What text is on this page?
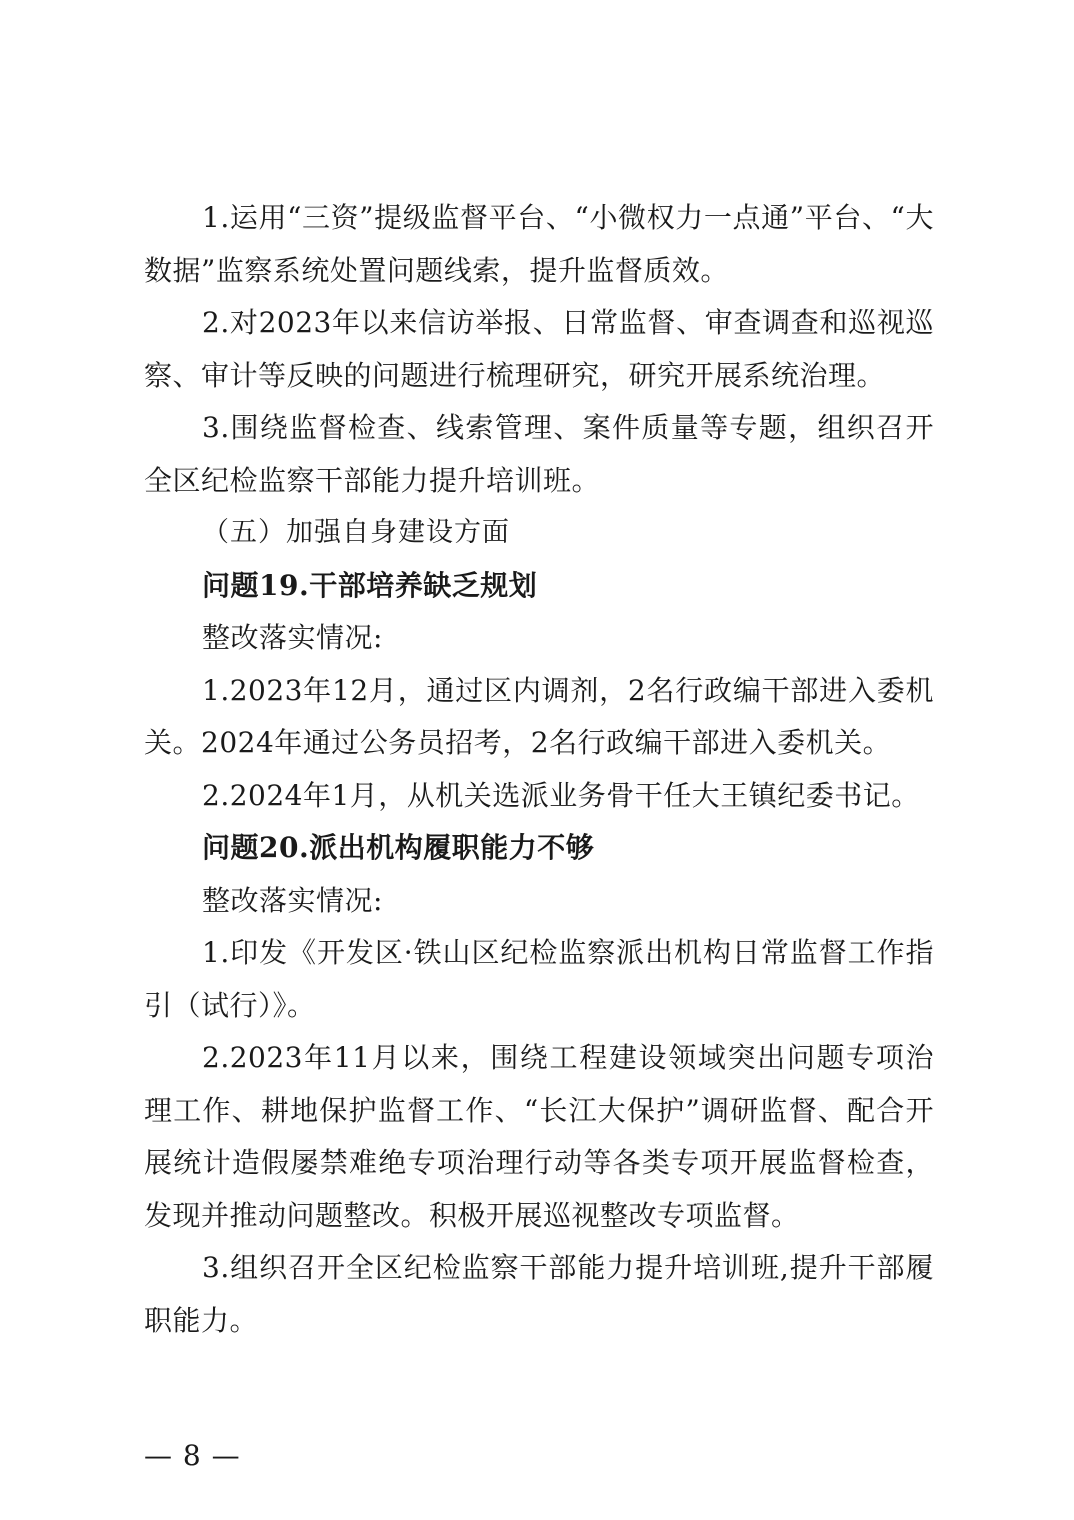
1.运用“三资”提级监督平台、“小微权力一点通”平台、“大数据”监察系统处置问题线索，提升监督质效。

2.对2023年以来信访举报、日常监督、审查调查和巡视巡察、审计等反映的问题进行梳理研究，研究开展系统治理。

3.围绕监督检查、线索管理、案件质量等专题，组织召开全区纪检监察干部能力提升培训班。

（五）加强自身建设方面

问题19.干部培养缺乏规划

整改落实情况:

1.2023年12月，通过区内调剂，2名行政编干部进入委机关。2024年通过公务员招考，2名行政编干部进入委机关。

2.2024年1月，从机关选派业务骨干任大王镇纪委书记。

问题20.派出机构履职能力不够

整改落实情况:

1.印发《开发区·铁山区纪检监察派出机构日常监督工作指引（试行）》。

2.2023年11月以来，围绕工程建设领域突出问题专项治理工作、耕地保护监督工作、“长江大保护”调研监督、配合开展统计造假屡禁难绝专项治理行动等各类专项开展监督检查，发现并推动问题整改。积极开展巡视整改专项监督。

3.组织召开全区纪检监察干部能力提升培训班,提升干部履职能力。

— 8 —
